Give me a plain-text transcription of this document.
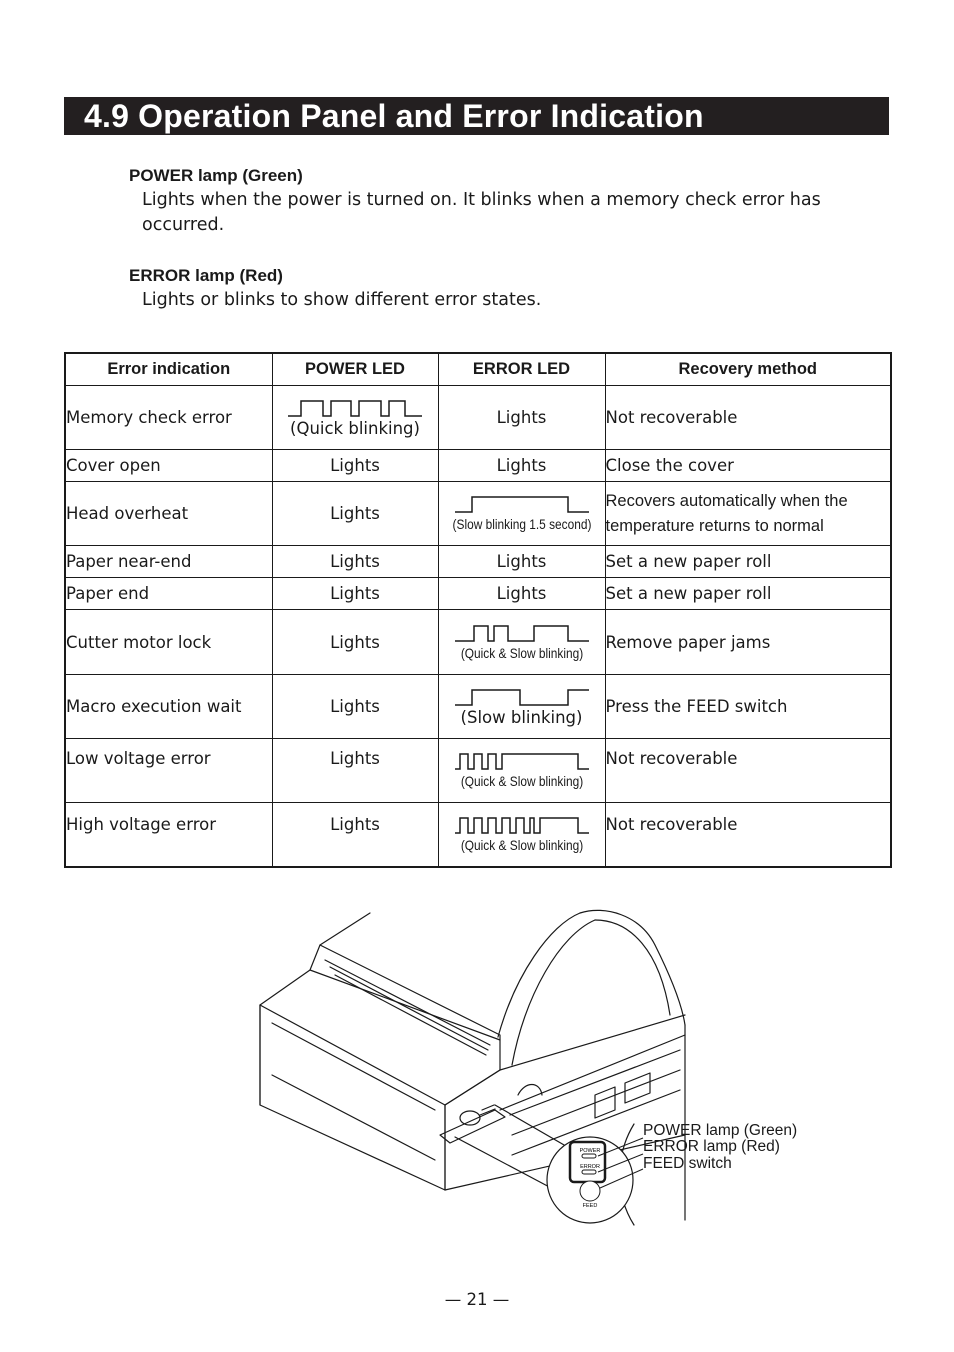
4.9 Operation Panel and Error Indication
POWER lamp (Green)
Lights when the power is turned on. It blinks when a memory check error has
occurred.
ERROR lamp (Red)
Lights or blinks to show different error states.
Error indication	POWER LED	ERROR LED	Recovery method
Memory check error	(Quick blinking)	Lights	Not recoverable
Cover open	Lights	Lights	Close the cover
Head overheat	Lights	(Slow blinking 1.5 second)	Recovers automatically when the
temperature returns to normal

Paper near-end	Lights	Lights	Set a new paper roll
Paper end	Lights	Lights	Set a new paper roll
Cutter motor lock	Lights	(Quick & Slow blinking)	Remove paper jams
Macro execution wait	Lights	(Slow blinking)	Press the FEED switch
Low voltage error	Lights	(Quick & Slow blinking)	Not recoverable
High voltage error	Lights	(Quick & Slow blinking)	Not recoverable
POWER
ERROR
FEED
POWER lamp (Green)
ERROR lamp (Red)
FEED switch
— 21 —
